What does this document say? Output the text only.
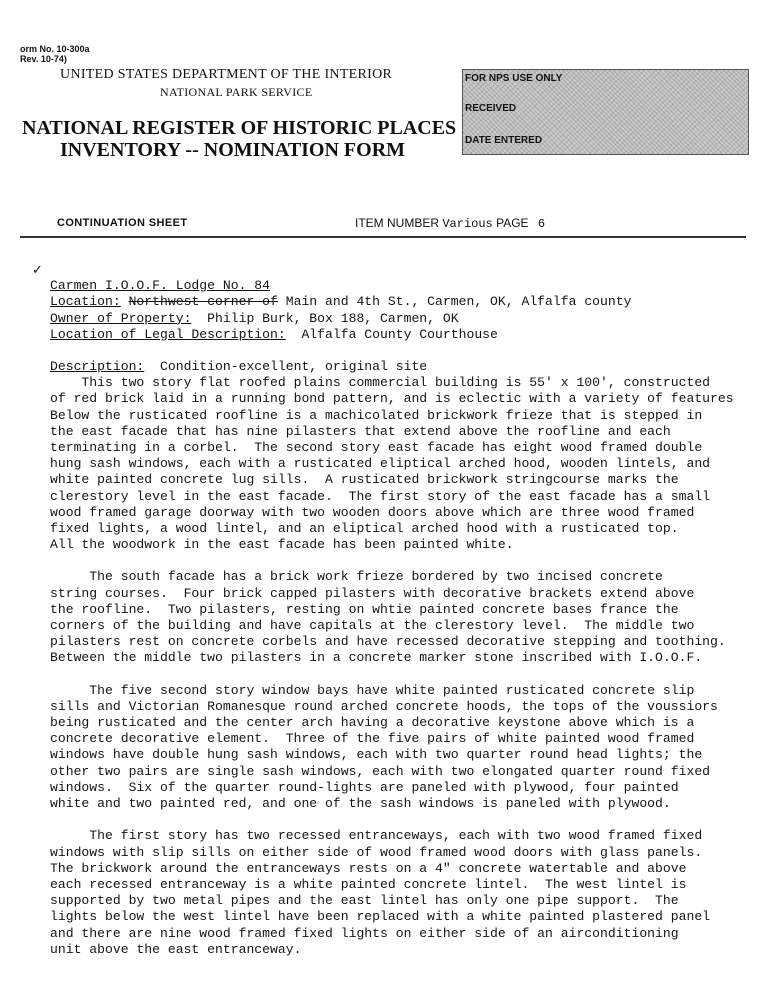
orm No. 10-300a
Rev. 10-74)
UNITED STATES DEPARTMENT OF THE INTERIOR
NATIONAL PARK SERVICE
NATIONAL REGISTER OF HISTORIC PLACES
INVENTORY -- NOMINATION FORM
FOR NPS USE ONLY
RECEIVED
DATE ENTERED
CONTINUATION SHEET	ITEM NUMBER Various PAGE 6
✓

Carmen I.O.O.F. Lodge No. 84
Location: Northwest corner of Main and 4th St., Carmen, OK, Alfalfa county
Owner of Property:  Philip Burk, Box 188, Carmen, OK
Location of Legal Description:  Alfalfa County Courthouse
Description:  Condition-excellent, original site
This two story flat roofed plains commercial building is 55' x 100', constructed
of red brick laid in a running bond pattern, and is eclectic with a variety of features
Below the rusticated roofline is a machicolated brickwork frieze that is stepped in
the east facade that has nine pilasters that extend above the roofline and each
terminating in a corbel.  The second story east facade has eight wood framed double
hung sash windows, each with a rusticated eliptical arched hood, wooden lintels, and
white painted concrete lug sills.  A rusticated brickwork stringcourse marks the
clerestory level in the east facade.  The first story of the east facade has a small
wood framed garage doorway with two wooden doors above which are three wood framed
fixed lights, a wood lintel, and an eliptical arched hood with a rusticated top.
All the woodwork in the east facade has been painted white.
The south facade has a brick work frieze bordered by two incised concrete
string courses.  Four brick capped pilasters with decorative brackets extend above
the roofline.  Two pilasters, resting on whtie painted concrete bases france the
corners of the building and have capitals at the clerestory level.  The middle two
pilasters rest on concrete corbels and have recessed decorative stepping and toothing.
Between the middle two pilasters in a concrete marker stone inscribed with I.O.O.F.
The five second story window bays have white painted rusticated concrete slip
sills and Victorian Romanesque round arched concrete hoods, the tops of the voussiors
being rusticated and the center arch having a decorative keystone above which is a
concrete decorative element.  Three of the five pairs of white painted wood framed
windows have double hung sash windows, each with two quarter round head lights; the
other two pairs are single sash windows, each with two elongated quarter round fixed
windows.  Six of the quarter round-lights are paneled with plywood, four painted
white and two painted red, and one of the sash windows is paneled with plywood.
The first story has two recessed entranceways, each with two wood framed fixed
windows with slip sills on either side of wood framed wood doors with glass panels.
The brickwork around the entranceways rests on a 4" concrete watertable and above
each recessed entranceway is a white painted concrete lintel.  The west lintel is
supported by two metal pipes and the east lintel has only one pipe support.  The
lights below the west lintel have been replaced with a white painted plastered panel
and there are nine wood framed fixed lights on either side of an airconditioning
unit above the east entranceway.
